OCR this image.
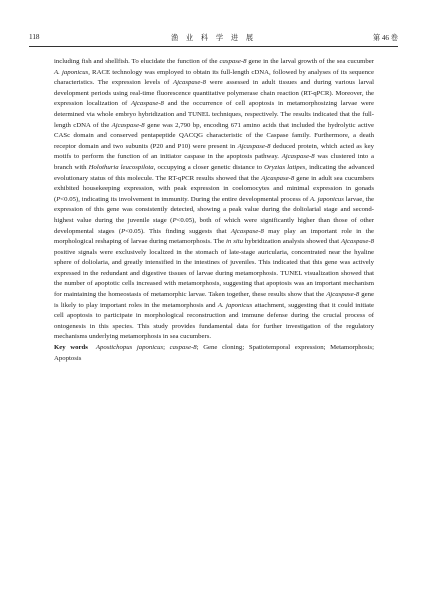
118	渔 业 科 学 进 展	第 46 卷

including fish and shellfish. To elucidate the function of the caspase-8 gene in the larval growth of the sea cucumber A. japonicus, RACE technology was employed to obtain its full-length cDNA, followed by analyses of its sequence characteristics. The expression levels of Ajcaspase-8 were assessed in adult tissues and during various larval development periods using real-time fluorescence quantitative polymerase chain reaction (RT-qPCR). Moreover, the expression localization of Ajcaspase-8 and the occurrence of cell apoptosis in metamorphosizing larvae were determined via whole embryo hybridization and TUNEL techniques, respectively. The results indicated that the full-length cDNA of the Ajcaspase-8 gene was 2,790 bp, encoding 671 amino acids that included the hydrolytic active CASc domain and conserved pentapeptide QACQG characteristic of the Caspase family. Furthermore, a death receptor domain and two subunits (P20 and P10) were present in Ajcaspase-8 deduced protein, which acted as key motifs to perform the function of an initiator caspase in the apoptosis pathway. Ajcaspase-8 was clustered into a branch with Holothuria leucospilota, occupying a closer genetic distance to Oryzias latipes, indicating the advanced evolutionary status of this molecule. The RT-qPCR results showed that the Ajcaspase-8 gene in adult sea cucumbers exhibited housekeeping expression, with peak expression in coelomocytes and minimal expression in gonads (P<0.05), indicating its involvement in immunity. During the entire developmental process of A. japonicus larvae, the expression of this gene was consistently detected, showing a peak value during the doliolarial stage and second-highest value during the juvenile stage (P<0.05), both of which were significantly higher than those of other developmental stages (P<0.05). This finding suggests that Ajcaspase-8 may play an important role in the morphological reshaping of larvae during metamorphosis. The in situ hybridization analysis showed that Ajcaspase-8 positive signals were exclusively localized in the stomach of late-stage auricularia, concentrated near the hyaline sphere of doliolaria, and greatly intensified in the intestines of juveniles. This indicated that this gene was actively expressed in the redundant and digestive tissues of larvae during metamorphosis. TUNEL visualization showed that the number of apoptotic cells increased with metamorphosis, suggesting that apoptosis was an important mechanism for maintaining the homeostasis of metamorphic larvae. Taken together, these results show that the Ajcaspase-8 gene is likely to play important roles in the metamorphosis and A. japonicus attachment, suggesting that it could initiate cell apoptosis to participate in morphological reconstruction and immune defense during the crucial process of ontogenesis in this species. This study provides fundamental data for further investigation of the regulatory mechanisms underlying metamorphosis in sea cucumbers.

Key words Apostichopus japonicus ; caspase-8 ; Gene cloning ; Spatiotemporal expression ; Metamorphosis; Apoptosis
